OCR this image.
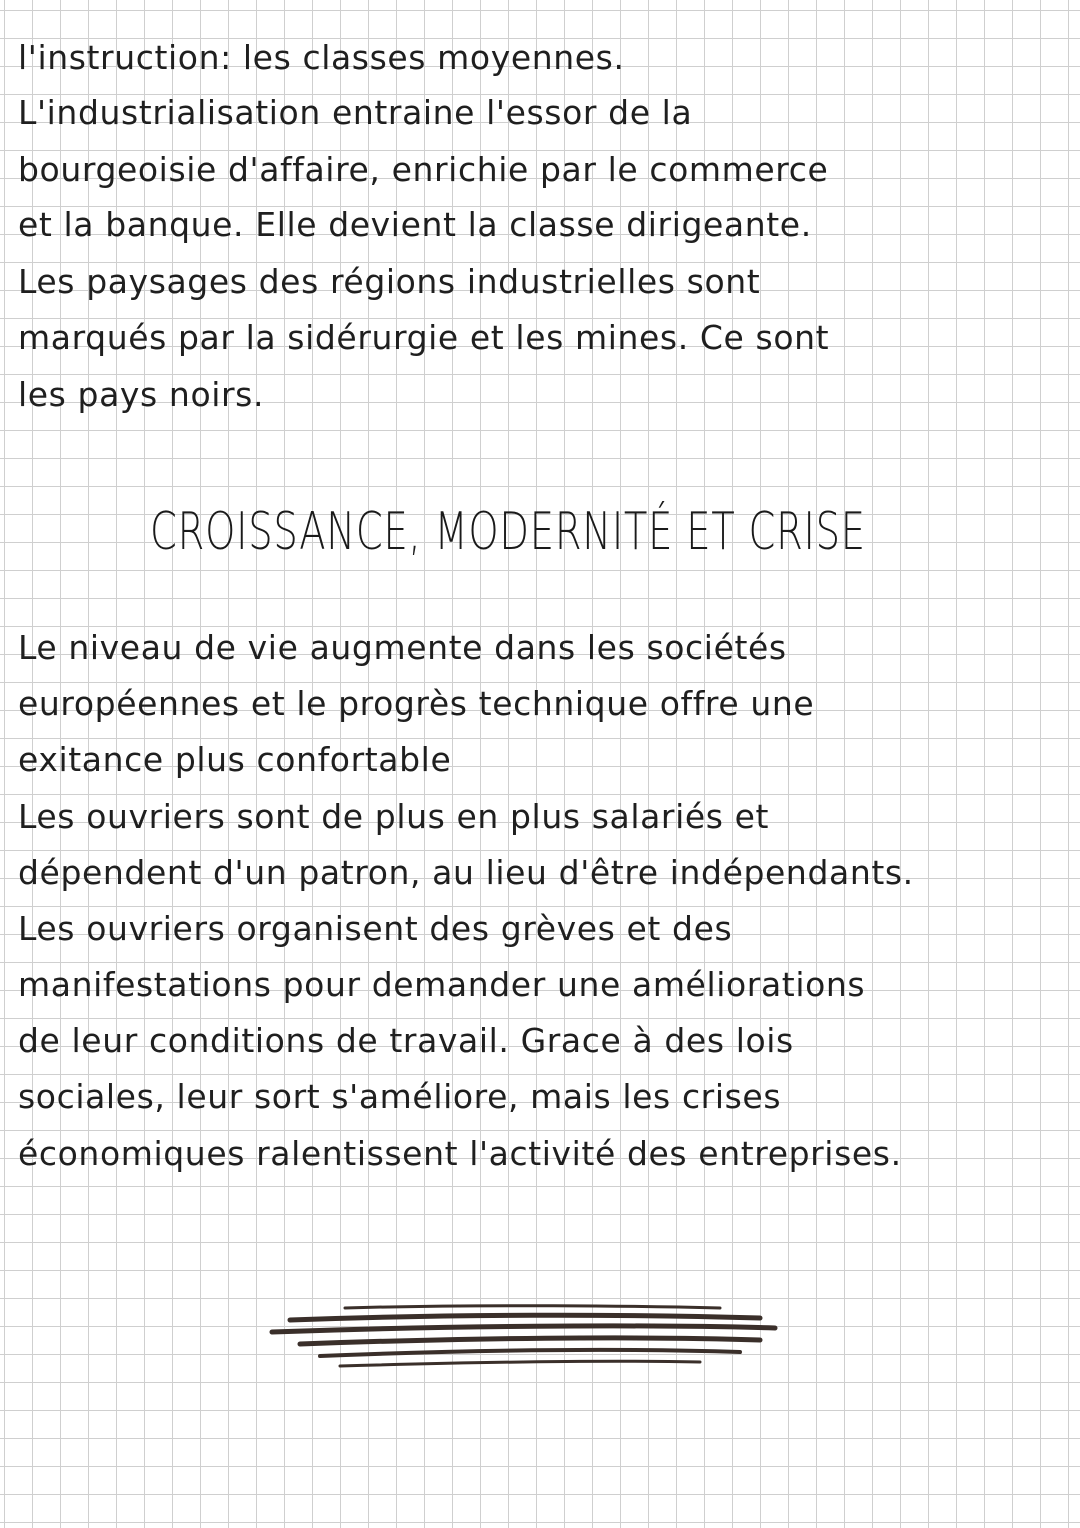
l'instruction: les classes moyennes.
L'industrialisation entraine l'essor de la
bourgeoisie d'affaire, enrichie par le commerce
et la banque. Elle devient la classe dirigeante.
Les paysages des régions industrielles sont
marqués par la sidérurgie et les mines. Ce sont
les pays noirs.
CROISSANCE, MODERNITÉ ET CRISE
Le niveau de vie augmente dans les sociétés
européennes et le progrès technique offre une
exitance plus confortable
Les ouvriers sont de plus en plus salariés et
dépendent d'un patron, au lieu d'être indépendants.
Les ouvriers organisent des grèves et des
manifestations pour demander une améliorations
de leur conditions de travail. Grace à des lois
sociales, leur sort s'améliore, mais les crises
économiques ralentissent l'activité des entreprises.
